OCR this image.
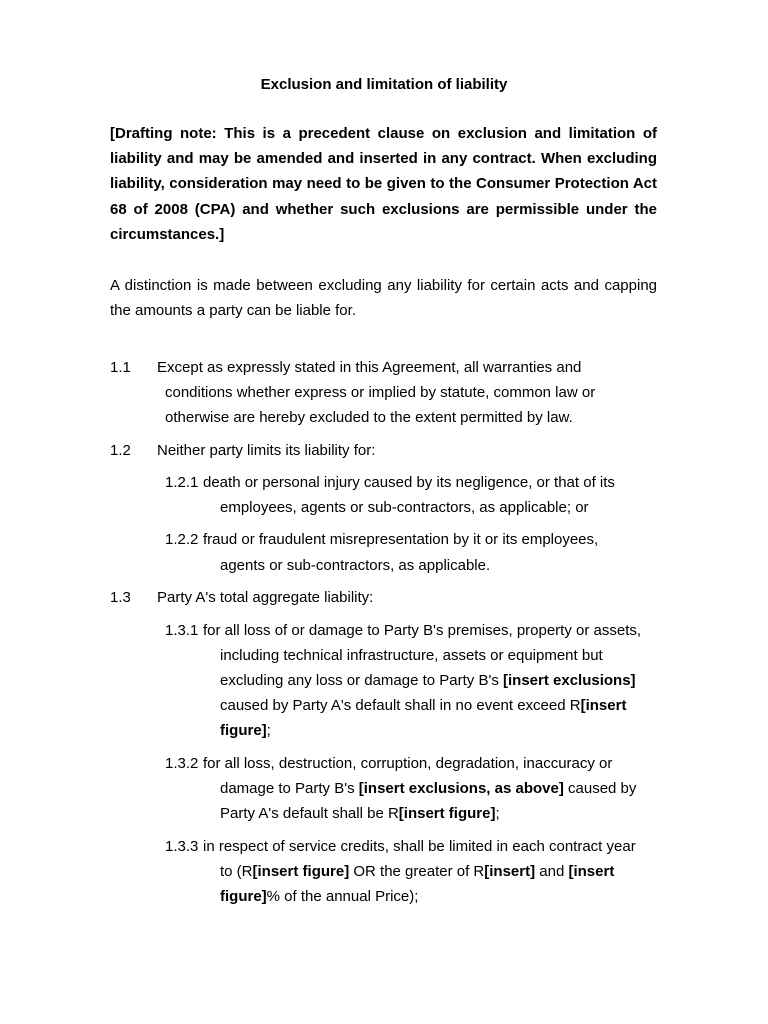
Exclusion and limitation of liability
[Drafting note: This is a precedent clause on exclusion and limitation of liability and may be amended and inserted in any contract. When excluding liability, consideration may need to be given to the Consumer Protection Act 68 of 2008 (CPA) and whether such exclusions are permissible under the circumstances.]
A distinction is made between excluding any liability for certain acts and capping the amounts a party can be liable for.
1.1 Except as expressly stated in this Agreement, all warranties and
conditions whether express or implied by statute, common law or
otherwise are hereby excluded to the extent permitted by law.
1.2 Neither party limits its liability for:
1.2.1 death or personal injury caused by its negligence, or that of its
employees, agents or sub-contractors, as applicable; or
1.2.2 fraud or fraudulent misrepresentation by it or its employees,
agents or sub-contractors, as applicable.
1.3 Party A's total aggregate liability:
1.3.1 for all loss of or damage to Party B's premises, property or assets,
including technical infrastructure, assets or equipment but
excluding any loss or damage to Party B's [insert exclusions]
caused by Party A's default shall in no event exceed R[insert
figure];
1.3.2 for all loss, destruction, corruption, degradation, inaccuracy or
damage to Party B's [insert exclusions, as above] caused by
Party A's default shall be R[insert figure];
1.3.3 in respect of service credits, shall be limited in each contract year
to (R[insert figure] OR the greater of R[insert] and [insert
figure]% of the annual Price);
